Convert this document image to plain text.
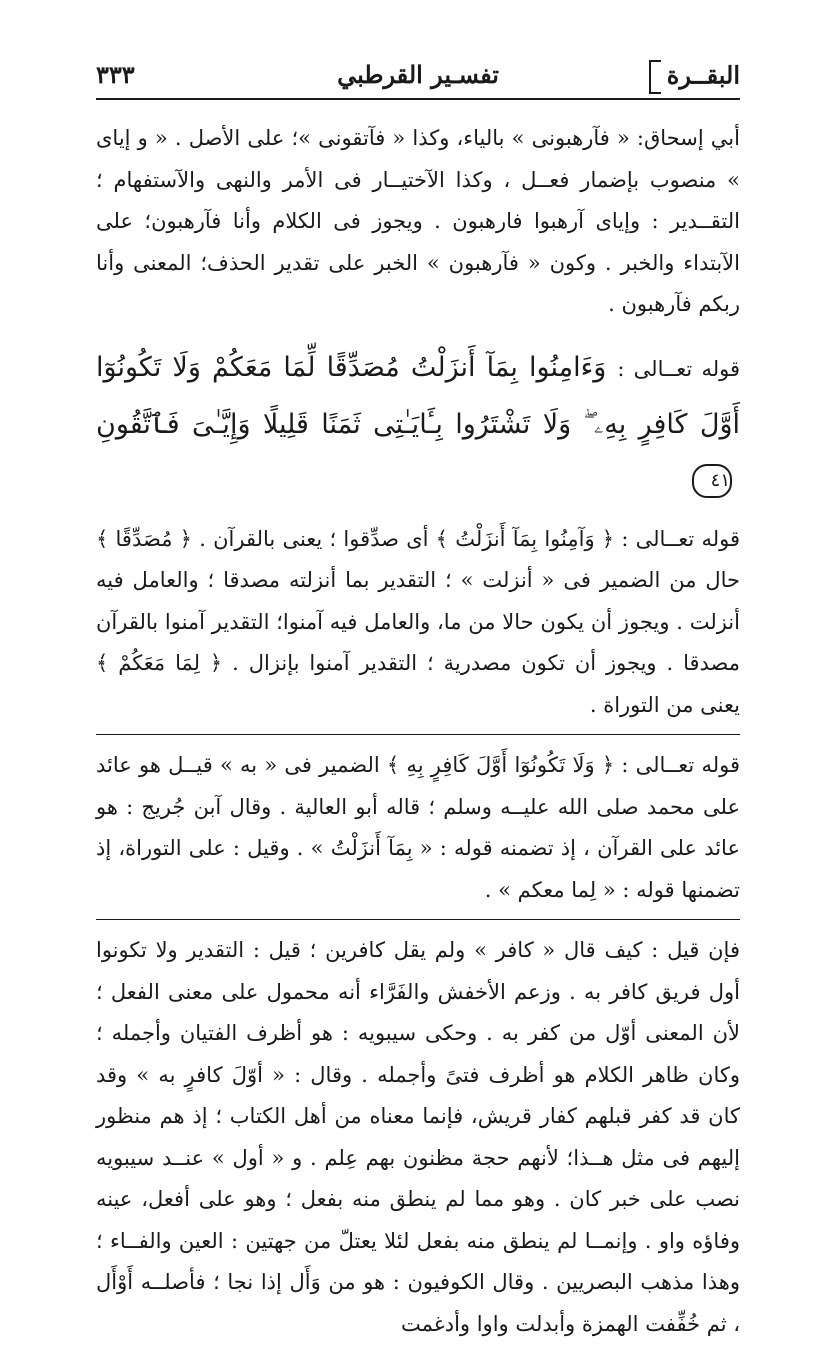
البقــرة
تفسـير القرطبي
٣٣٣

أبي إسحاق: « فآرهبونى » بالياء، وكذا « فآتقونى »؛ على الأصل . « و إياى » منصوب بإضمار فعــل ، وكذا الآختيــار فى الأمر والنهى والآستفهام ؛ التقــدير : وإياى آرهبوا فارهبون . ويجوز فى الكلام وأنا فآرهبون؛ على الآبتداء والخبر . وكون « فآرهبون » الخبر على تقدير الحذف؛ المعنى وأنا ربكم فآرهبون .

قوله تعــالى : وَءَامِنُوا بِمَآ أَنزَلْتُ مُصَدِّقًا لِّمَا مَعَكُمْ وَلَا تَكُونُوٓا أَوَّلَ كَافِرٍ بِهِۦ ۖ وَلَا تَشْتَرُوا بِـَٔايَـٰتِى ثَمَنًا قَلِيلًا وَإِيَّـٰىَ فَٱتَّقُونِ ٤١

قوله تعــالى : ﴿ وَآمِنُوا بِمَآ أَنزَلْتُ ﴾ أى صدِّقوا ؛ يعنى بالقرآن . ﴿ مُصَدِّقًا ﴾ حال من الضمير فى « أنزلت » ؛ التقدير بما أنزلته مصدقا ؛ والعامل فيه أنزلت . ويجوز أن يكون حالا من ما، والعامل فيه آمنوا؛ التقدير آمنوا بالقرآن مصدقا . ويجوز أن تكون مصدرية ؛ التقدير آمنوا بإنزال . ﴿ لِمَا مَعَكُمْ ﴾ يعنى من التوراة .

قوله تعــالى : ﴿ وَلَا تَكُونُوٓا أَوَّلَ كَافِرٍ بِهِ ﴾ الضمير فى « به » قيــل هو عائد على محمد صلى الله عليــه وسلم ؛ قاله أبو العالية . وقال آبن جُريج : هو عائد على القرآن ، إذ تضمنه قوله : « بِمَآ أَنزَلْتُ » . وقيل : على التوراة، إذ تضمنها قوله : « لِما معكم » .

فإن قيل : كيف قال « كافر » ولم يقل كافرين ؛ قيل : التقدير ولا تكونوا أول فريق كافر به . وزعم الأخفش والفَرَّاء أنه محمول على معنى الفعل ؛ لأن المعنى أوّل من كفر به . وحكى سيبويه : هو أظرف الفتيان وأجمله ؛ وكان ظاهر الكلام هو أظرف فتىً وأجمله . وقال : « أوّلَ كافرٍ به » وقد كان قد كفر قبلهم كفار قريش، فإنما معناه من أهل الكتاب ؛ إذ هم منظور إليهم فى مثل هــذا؛ لأنهم حجة مظنون بهم عِلم . و « أول » عنــد سيبويه نصب على خبر كان . وهو مما لم ينطق منه بفعل ؛ وهو على أفعل، عينه وفاؤه واو . وإنمــا لم ينطق منه بفعل لئلا يعتلّ من جهتين : العين والفــاء ؛ وهذا مذهب البصريين . وقال الكوفيون : هو من وَأَل إذا نجا ؛ فأصلــه أَوْأَل ، ثم خُفِّفت الهمزة وأبدلت واوا وأدغمت
